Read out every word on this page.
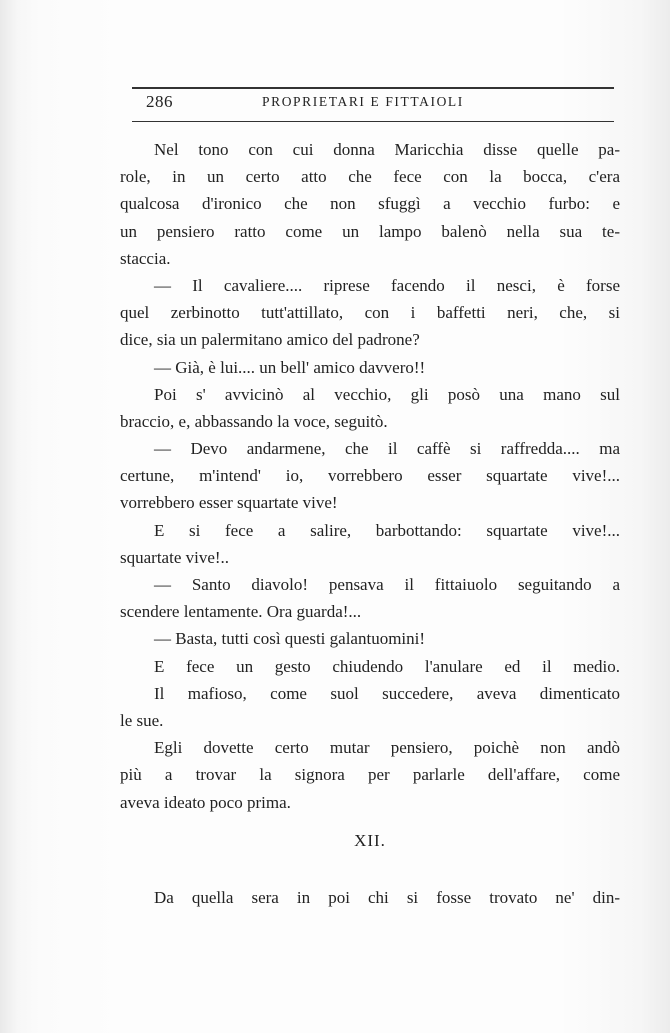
286	PROPRIETARI E FITTAIOLI
Nel tono con cui donna Maricchia disse quelle pa-
role, in un certo atto che fece con la bocca, c'era
qualcosa d'ironico che non sfuggì a vecchio furbo: e
un pensiero ratto come un lampo balenò nella sua te-
staccia.
— Il cavaliere.... riprese facendo il nesci, è forse
quel zerbinotto tutt'attillato, con i baffetti neri, che, si
dice, sia un palermitano amico del padrone?
— Già, è lui.... un bell' amico davvero!!
Poi s' avvicinò al vecchio, gli posò una mano sul
braccio, e, abbassando la voce, seguitò.
— Devo andarmene, che il caffè si raffredda.... ma
certune, m'intend' io, vorrebbero esser squartate vive!...
vorrebbero esser squartate vive!
E si fece a salire, barbottando: squartate vive!...
squartate vive!..
— Santo diavolo! pensava il fittaiuolo seguitando a
scendere lentamente. Ora guarda!...
— Basta, tutti così questi galantuomini!
E fece un gesto chiudendo l'anulare ed il medio.
Il mafioso, come suol succedere, aveva dimenticato
le sue.
Egli dovette certo mutar pensiero, poichè non andò
più a trovar la signora per parlarle dell'affare, come
aveva ideato poco prima.
XII.
Da quella sera in poi chi si fosse trovato ne' din-
